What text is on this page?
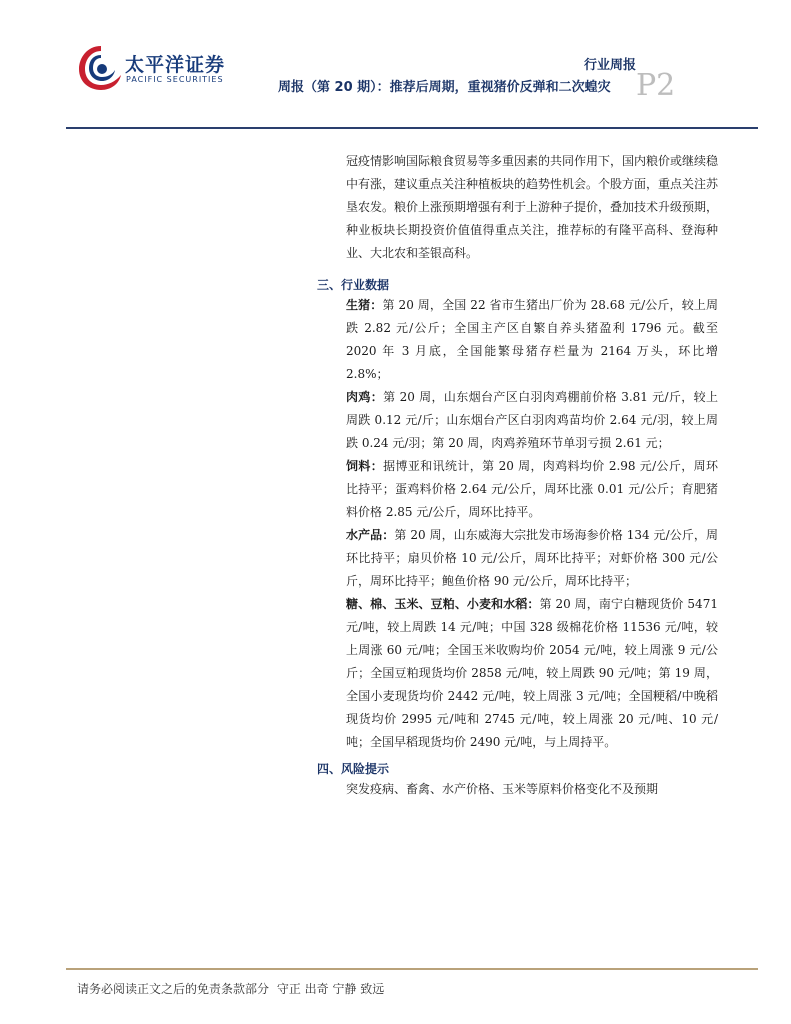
太平洋证券
PACIFIC SECURITIES
行业周报
周报（第 20 期）：推荐后周期，重视猪价反弹和二次蝗灾 P2

冠疫情影响国际粮食贸易等多重因素的共同作用下，国内粮价或继续稳中有涨，建议重点关注种植板块的趋势性机会。个股方面，重点关注苏垦农发。粮价上涨预期增强有利于上游种子提价，叠加技术升级预期，种业板块长期投资价值值得重点关注，推荐标的有隆平高科、登海种业、大北农和荃银高科。

三、行业数据

生猪：第 20 周，全国 22 省市生猪出厂价为 28.68 元/公斤，较上周跌 2.82 元/公斤；全国主产区自繁自养头猪盈利 1796 元。截至 2020 年 3 月底，全国能繁母猪存栏量为 2164 万头，环比增 2.8%；

肉鸡：第 20 周，山东烟台产区白羽肉鸡棚前价格 3.81 元/斤，较上周跌 0.12 元/斤；山东烟台产区白羽肉鸡苗均价 2.64 元/羽，较上周跌 0.24 元/羽；第 20 周，肉鸡养殖环节单羽亏损 2.61 元；

饲料：据博亚和讯统计，第 20 周，肉鸡料均价 2.98 元/公斤，周环比持平；蛋鸡料价格 2.64 元/公斤，周环比涨 0.01 元/公斤；育肥猪料价格 2.85 元/公斤，周环比持平。

水产品：第 20 周，山东威海大宗批发市场海参价格 134 元/公斤，周环比持平；扇贝价格 10 元/公斤，周环比持平；对虾价格 300 元/公斤，周环比持平；鲍鱼价格 90 元/公斤，周环比持平；

糖、棉、玉米、豆粕、小麦和水稻：第 20 周，南宁白糖现货价 5471 元/吨，较上周跌 14 元/吨；中国 328 级棉花价格 11536 元/吨，较上周涨 60 元/吨；全国玉米收购均价 2054 元/吨，较上周涨 9 元/公斤；全国豆粕现货均价 2858 元/吨，较上周跌 90 元/吨；第 19 周，全国小麦现货均价 2442 元/吨，较上周涨 3 元/吨；全国粳稻/中晚稻现货均价 2995 元/吨和 2745 元/吨，较上周涨 20 元/吨、10 元/吨；全国早稻现货均价 2490 元/吨，与上周持平。

四、风险提示

突发疫病、畜禽、水产价格、玉米等原料价格变化不及预期

请务必阅读正文之后的免责条款部分 守正 出奇 宁静 致远
